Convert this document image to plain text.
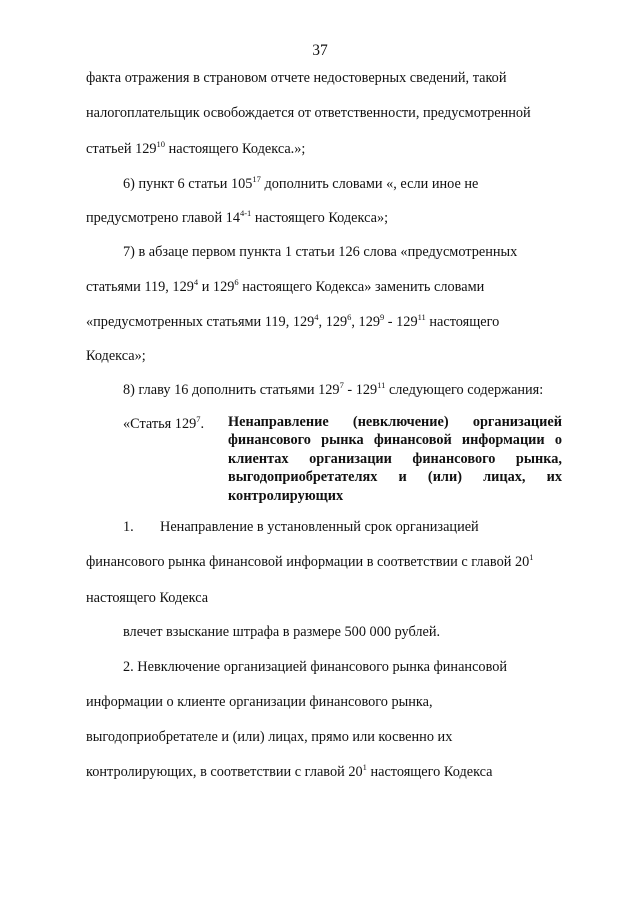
37
факта отражения в страновом отчете недостоверных сведений, такой
налогоплательщик освобождается от ответственности, предусмотренной
статьей $129^{10}$ настоящего Кодекса.»;
6) пункт 6 статьи $105^{17}$ дополнить словами «, если иное не
предусмотрено главой 14$^{4-1}$ настоящего Кодекса»;
7) в абзаце первом пункта 1 статьи 126 слова «предусмотренных
статьями 119, $129^4$ и $129^6$ настоящего Кодекса» заменить словами
«предусмотренных статьями 119, $129^4$, $129^6$, $129^9 - 129^{11}$ настоящего
Кодекса»;
8) главу 16 дополнить статьями $129^7 - 129^{11}$ следующего содержания:
«Статья $129^7$. Ненаправление (невключение) организацией финансового рынка финансовой информации о клиентах организации финансового рынка, выгодоприобретателях и (или) лицах, их контролирующих
1. Ненаправление в установленный срок организацией
финансового рынка финансовой информации в соответствии с главой $20^1$
настоящего Кодекса
влечет взыскание штрафа в размере 500 000 рублей.
2. Невключение организацией финансового рынка финансовой
информации о клиенте организации финансового рынка,
выгодоприобретателе и (или) лицах, прямо или косвенно их
контролирующих, в соответствии с главой $20^1$ настоящего Кодекса
